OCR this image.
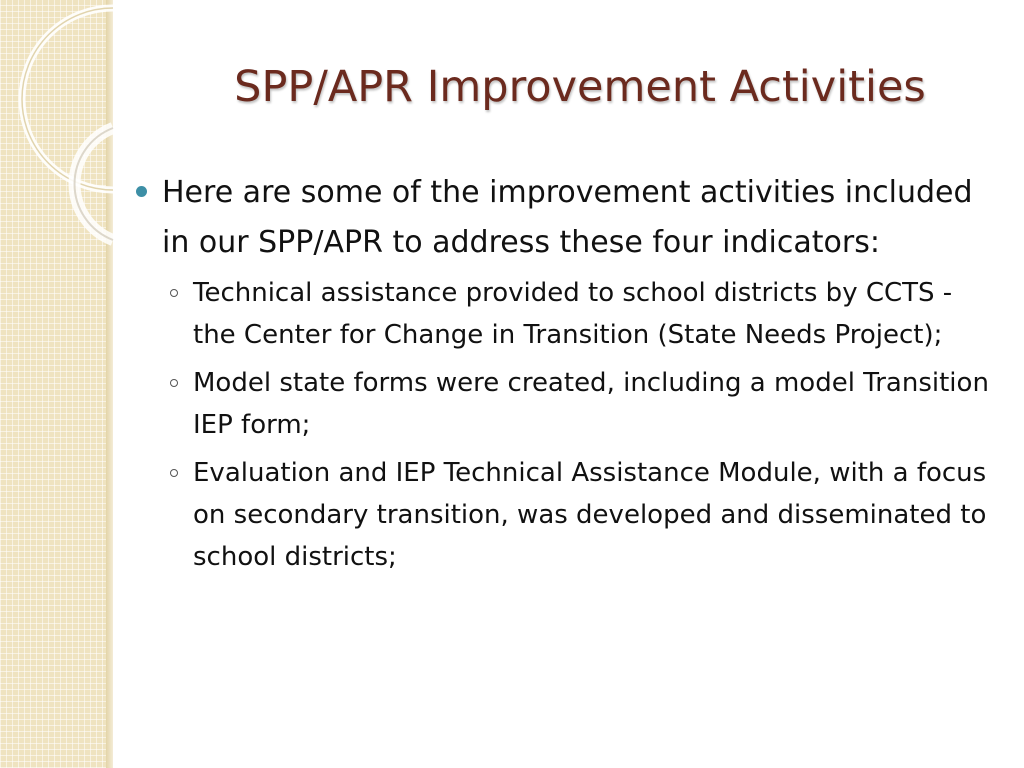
SPP/APR Improvement Activities
Here are some of the improvement activities included in our SPP/APR to address these four indicators:
Technical assistance provided to school districts by CCTS - the Center for Change in Transition (State Needs Project);
Model state forms were created, including a model Transition IEP form;
Evaluation and IEP Technical Assistance Module, with a focus on secondary transition, was developed and disseminated to school districts;
